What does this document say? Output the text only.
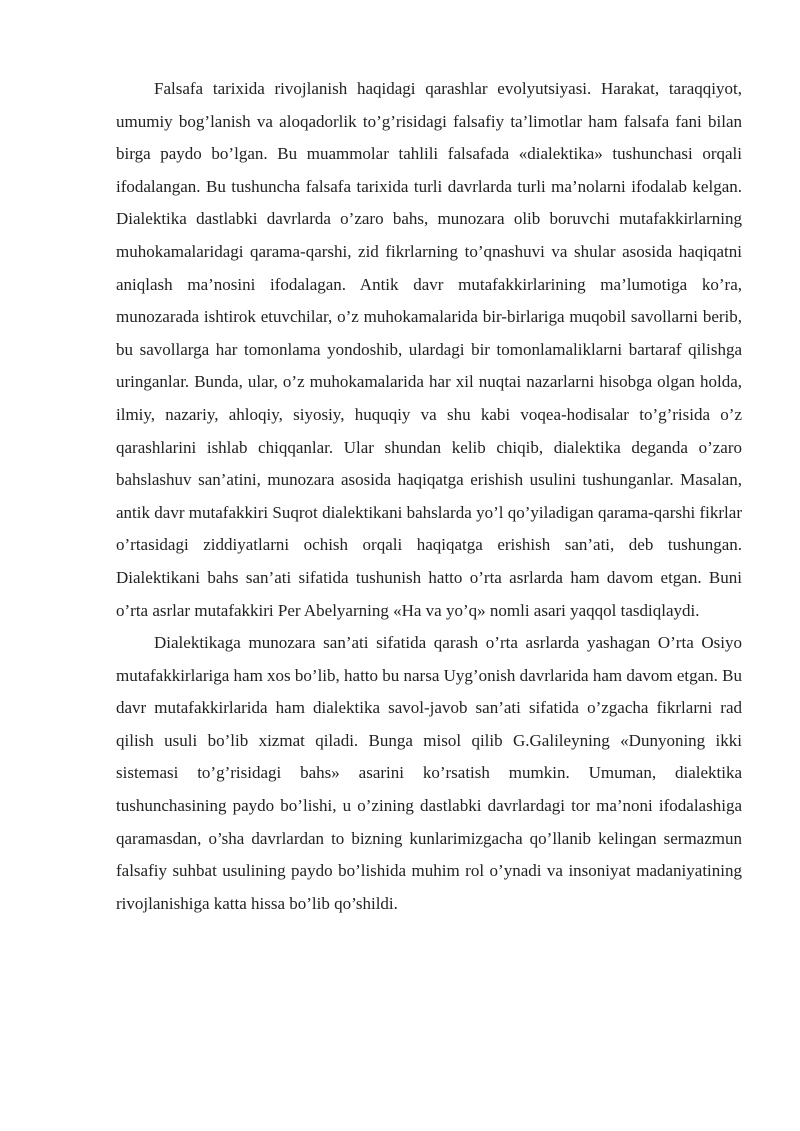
Falsafa tarixida rivojlanish haqidagi qarashlar evolyutsiyasi. Harakat, taraqqiyot, umumiy bog’lanish va aloqadorlik to’g’risidagi falsafiy ta’limotlar ham falsafa fani bilan birga paydo bo’lgan. Bu muammolar tahlili falsafada «dialektika» tushunchasi orqali ifodalangan. Bu tushuncha falsafa tarixida turli davrlarda turli ma’nolarni ifodalab kelgan. Dialektika dastlabki davrlarda o’zaro bahs, munozara olib boruvchi mutafakkirlarning muhokamalaridagi qarama-qarshi, zid fikrlarning to’qnashuvi va shular asosida haqiqatni aniqlash ma’nosini ifodalagan. Antik davr mutafakkirlarining ma’lumotiga ko’ra, munozarada ishtirok etuvchilar, o’z muhokamalarida bir-birlariga muqobil savollarni berib, bu savollarga har tomonlama yondoshib, ulardagi bir tomonlamaliklarni bartaraf qilishga uringanlar. Bunda, ular, o’z muhokamalarida har xil nuqtai nazarlarni hisobga olgan holda, ilmiy, nazariy, ahloqiy, siyosiy, huquqiy va shu kabi voqea-hodisalar to’g’risida o’z qarashlarini ishlab chiqqanlar. Ular shundan kelib chiqib, dialektika deganda o’zaro bahslashuv san’atini, munozara asosida haqiqatga erishish usulini tushunganlar. Masalan, antik davr mutafakkiri Suqrot dialektikani bahslarda yo’l qo’yiladigan qarama-qarshi fikrlar o’rtasidagi ziddiyatlarni ochish orqali haqiqatga erishish san’ati, deb tushungan. Dialektikani bahs san’ati sifatida tushunish hatto o’rta asrlarda ham davom etgan. Buni o’rta asrlar mutafakkiri Per Abelyarning «Ha va yo’q» nomli asari yaqqol tasdiqlaydi.

Dialektikaga munozara san’ati sifatida qarash o’rta asrlarda yashagan O’rta Osiyo mutafakkirlariga ham xos bo’lib, hatto bu narsa Uyg’onish davrlarida ham davom etgan. Bu davr mutafakkirlarida ham dialektika savol-javob san’ati sifatida o’zgacha fikrlarni rad qilish usuli bo’lib xizmat qiladi. Bunga misol qilib G.Galileyning «Dunyoning ikki sistemasi to’g’risidagi bahs» asarini ko’rsatish mumkin. Umuman, dialektika tushunchasining paydo bo’lishi, u o’zining dastlabki davrlardagi tor ma’noni ifodalashiga qaramasdan, o’sha davrlardan to bizning kunlarimizgacha qo’llanib kelingan sermazmun falsafiy suhbat usulining paydo bo’lishida muhim rol o’ynadi va insoniyat madaniyatining rivojlanishiga katta hissa bo’lib qo’shildi.
